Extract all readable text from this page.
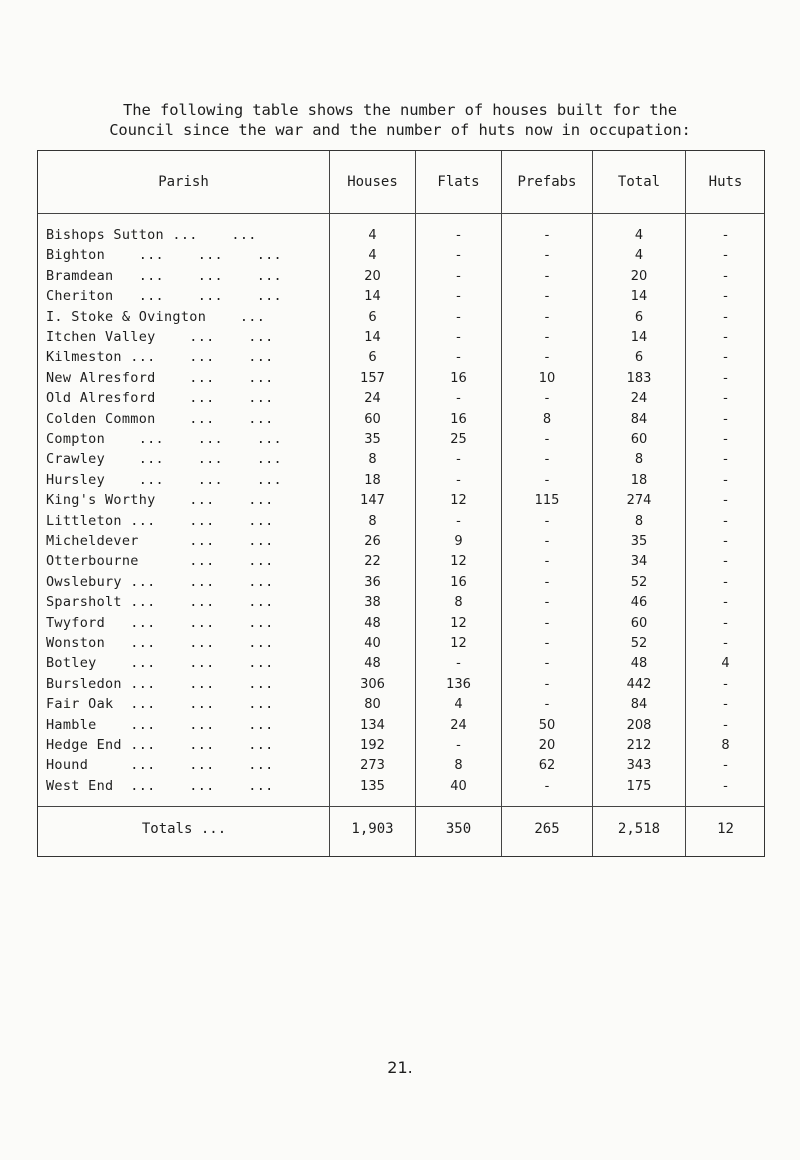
The following table shows the number of houses built for the
Council since the war and the number of huts now in occupation:
Parish	Houses	Flats	Prefabs	Total	Huts
Bishops Sutton ...    ...	4	-	-	4	-
Bighton    ...    ...    ...	4	-	-	4	-
Bramdean   ...    ...    ...	20	-	-	20	-
Cheriton   ...    ...    ...	14	-	-	14	-
I. Stoke & Ovington    ...	6	-	-	6	-
Itchen Valley    ...    ...	14	-	-	14	-
Kilmeston ...    ...    ...	6	-	-	6	-
New Alresford    ...    ...	157	16	10	183	-
Old Alresford    ...    ...	24	-	-	24	-
Colden Common    ...    ...	60	16	8	84	-
Compton    ...    ...    ...	35	25	-	60	-
Crawley    ...    ...    ...	8	-	-	8	-
Hursley    ...    ...    ...	18	-	-	18	-
King's Worthy    ...    ...	147	12	115	274	-
Littleton ...    ...    ...	8	-	-	8	-
Micheldever      ...    ...	26	9	-	35	-
Otterbourne      ...    ...	22	12	-	34	-
Owslebury ...    ...    ...	36	16	-	52	-
Sparsholt ...    ...    ...	38	8	-	46	-
Twyford   ...    ...    ...	48	12	-	60	-
Wonston   ...    ...    ...	40	12	-	52	-
Botley    ...    ...    ...	48	-	-	48	4
Bursledon ...    ...    ...	306	136	-	442	-
Fair Oak  ...    ...    ...	80	4	-	84	-
Hamble    ...    ...    ...	134	24	50	208	-
Hedge End ...    ...    ...	192	-	20	212	8
Hound     ...    ...    ...	273	8	62	343	-
West End  ...    ...    ...	135	40	-	175	-
Totals ...	1,903	350	265	2,518	12
21.
